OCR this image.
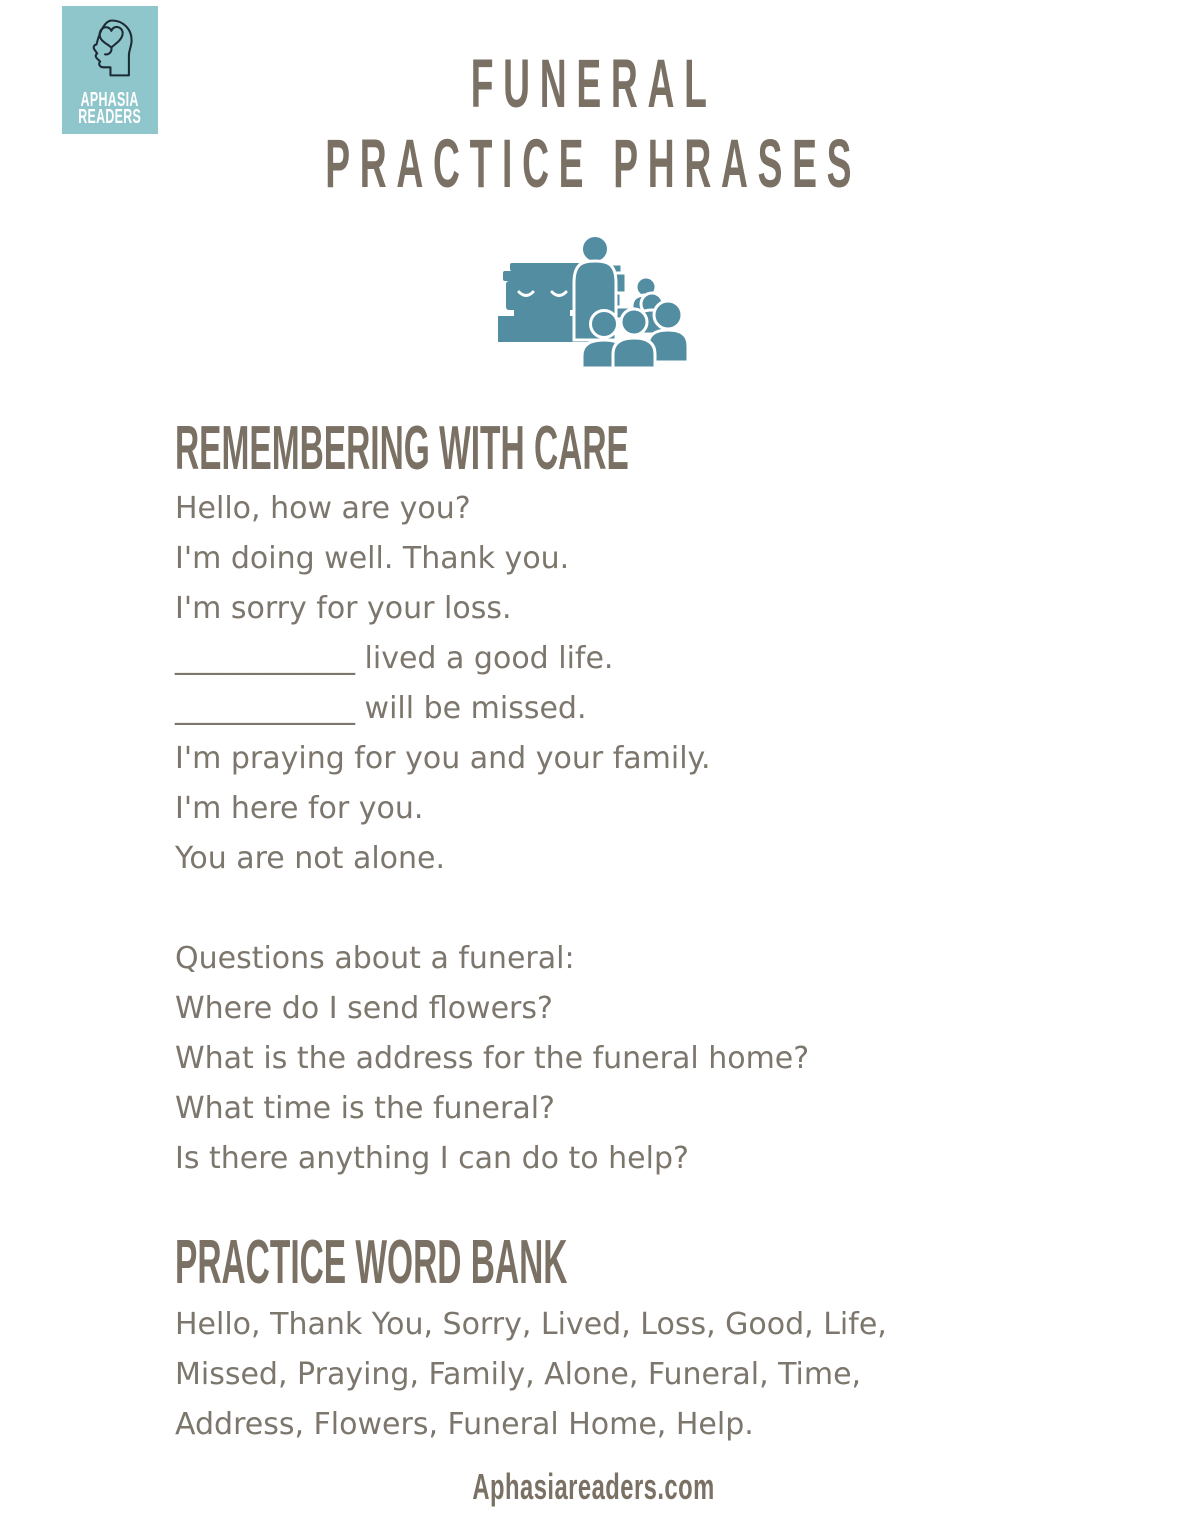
APHASIA
READERS	FUNERAL
PRACTICE PHRASES
REMEMBERING WITH CARE
Hello, how are you?
I'm doing well. Thank you.
I'm sorry for your loss.
____________ lived a good life.
____________ will be missed.
I'm praying for you and your family.
I'm here for you.
You are not alone.
Questions about a funeral:
Where do I send flowers?
What is the address for the funeral home?
What time is the funeral?
Is there anything I can do to help?
PRACTICE WORD BANK
Hello, Thank You, Sorry, Lived, Loss, Good, Life,
Missed, Praying, Family, Alone, Funeral, Time,
Address, Flowers, Funeral Home, Help.
Aphasiareaders.com
